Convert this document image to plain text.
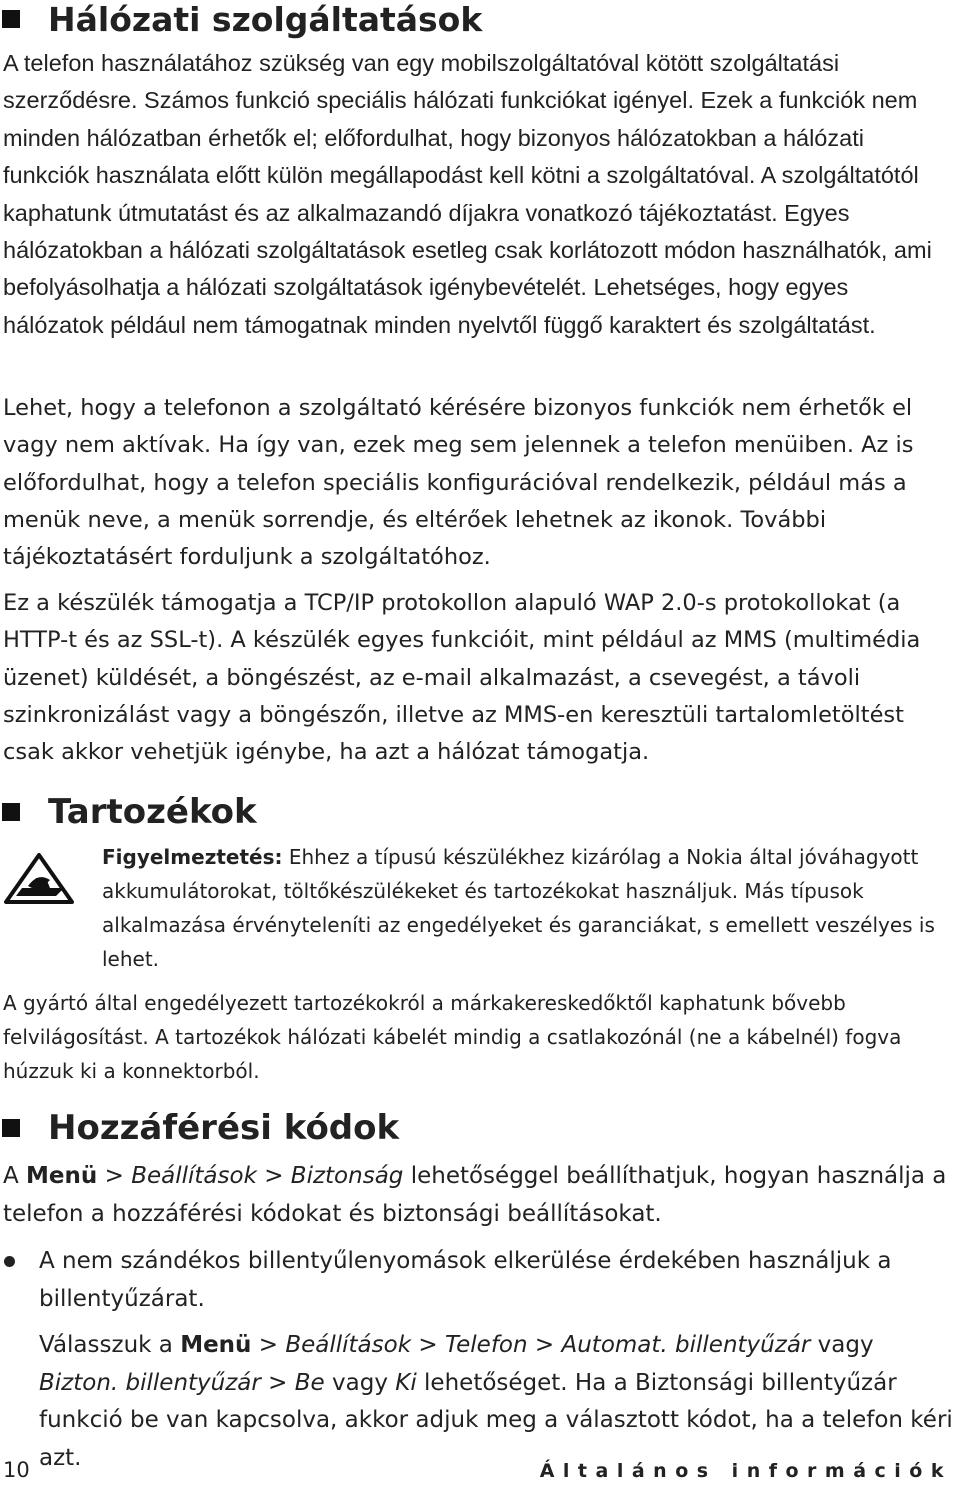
Hálózati szolgáltatások

A telefon használatához szükség van egy mobilszolgáltatóval kötött szolgáltatási szerződésre. Számos funkció speciális hálózati funkciókat igényel. Ezek a funkciók nem minden hálózatban érhetők el; előfordulhat, hogy bizonyos hálózatokban a hálózati funkciók használata előtt külön megállapodást kell kötni a szolgáltatóval. A szolgáltatótól kaphatunk útmutatást és az alkalmazandó díjakra vonatkozó tájékoztatást. Egyes hálózatokban a hálózati szolgáltatások esetleg csak korlátozott módon használhatók, ami befolyásolhatja a hálózati szolgáltatások igénybevételét. Lehetséges, hogy egyes hálózatok például nem támogatnak minden nyelvtől függő karaktert és szolgáltatást.

Lehet, hogy a telefonon a szolgáltató kérésére bizonyos funkciók nem érhetők el vagy nem aktívak. Ha így van, ezek meg sem jelennek a telefon menüiben. Az is előfordulhat, hogy a telefon speciális konfigurációval rendelkezik, például más a menük neve, a menük sorrendje, és eltérőek lehetnek az ikonok. További tájékoztatásért forduljunk a szolgáltatóhoz.

Ez a készülék támogatja a TCP/IP protokollon alapuló WAP 2.0-s protokollokat (a HTTP-t és az SSL-t). A készülék egyes funkcióit, mint például az MMS (multimédia üzenet) küldését, a böngészést, az e-mail alkalmazást, a csevegést, a távoli szinkronizálást vagy a böngészőn, illetve az MMS-en keresztüli tartalomletöltést csak akkor vehetjük igénybe, ha azt a hálózat támogatja.

Tartozékok

Figyelmeztetés: Ehhez a típusú készülékhez kizárólag a Nokia által jóváhagyott akkumulátorokat, töltőkészülékeket és tartozékokat használjuk. Más típusok alkalmazása érvényteleníti az engedélyeket és garanciákat, s emellett veszélyes is lehet.

A gyártó által engedélyezett tartozékokról a márkakereskedőktől kaphatunk bővebb felvilágosítást. A tartozékok hálózati kábelét mindig a csatlakozónál (ne a kábelnél) fogva húzzuk ki a konnektorból.

Hozzáférési kódok

A Menü > Beállítások > Biztonság lehetőséggel beállíthatjuk, hogyan használja a telefon a hozzáférési kódokat és biztonsági beállításokat.

A nem szándékos billentyűlenyomások elkerülése érdekében használjuk a billentyűzárat.

Válasszuk a Menü > Beállítások > Telefon > Automat. billentyűzár vagy Bizton. billentyűzár > Be vagy Ki lehetőséget. Ha a Biztonsági billentyűzár funkció be van kapcsolva, akkor adjuk meg a választott kódot, ha a telefon kéri azt.

10	Általános információk
